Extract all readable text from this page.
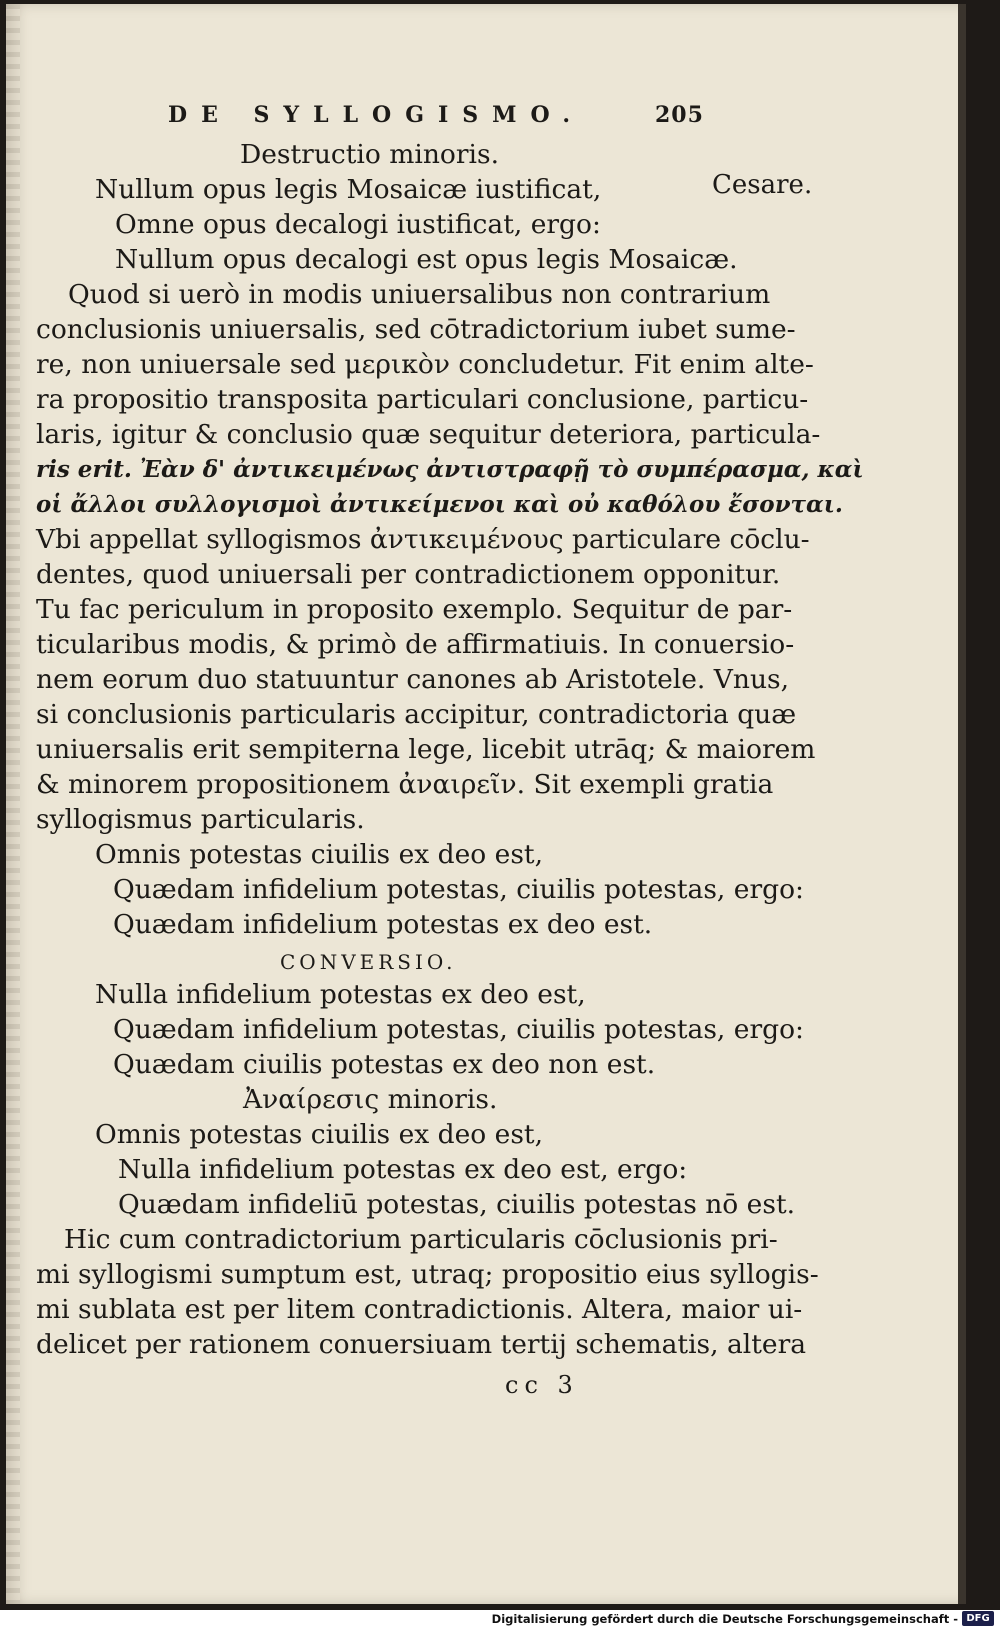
DE SYLLOGISMO.	205
Cesare.
Destructio minoris.
Nullum opus legis Mosaicæ iustificat,
Omne opus decalogi iustificat, ergo:
Nullum opus decalogi est opus legis Mosaicæ.
Quod si uerò in modis uniuersalibus non contrarium
conclusionis uniuersalis, sed cōtradictorium iubet sume-
re, non uniuersale sed μερικὸν concludetur. Fit enim alte-
ra propositio transposita particulari conclusione, particu-
laris, igitur & conclusio quæ sequitur deteriora, particula-
ris erit. Ἐὰν δ' ἀντικειμένως ἀντιστραφῇ τὸ συμπέρασμα, καὶ
οἱ ἄλλοι συλλογισμοὶ ἀντικείμενοι καὶ οὐ καθόλου ἔσονται.
Vbi appellat syllogismos ἀντικειμένους particulare cōclu-
dentes, quod uniuersali per contradictionem opponitur.
Tu fac periculum in proposito exemplo. Sequitur de par-
ticularibus modis, & primò de affirmatiuis. In conuersio-
nem eorum duo statuuntur canones ab Aristotele. Vnus,
si conclusionis particularis accipitur, contradictoria quæ
uniuersalis erit sempiterna lege, licebit utrāq; & maiorem
& minorem propositionem ἀναιρεῖν. Sit exempli gratia
syllogismus particularis.
Omnis potestas ciuilis ex deo est,
Quædam infidelium potestas, ciuilis potestas, ergo:
Quædam infidelium potestas ex deo est.
CONVERSIO.
Nulla infidelium potestas ex deo est,
Quædam infidelium potestas, ciuilis potestas, ergo:
Quædam ciuilis potestas ex deo non est.
Ἀναίρεσις minoris.
Omnis potestas ciuilis ex deo est,
Nulla infidelium potestas ex deo est, ergo:
Quædam infideliū potestas, ciuilis potestas nō est.
Hic cum contradictorium particularis cōclusionis pri-
mi syllogismi sumptum est, utraq; propositio eius syllogis-
mi sublata est per litem contradictionis. Altera, maior ui-
delicet per rationem conuersiuam tertij schematis, altera
cc 3
Digitalisierung gefördert durch die Deutsche Forschungsgemeinschaft - DFG
